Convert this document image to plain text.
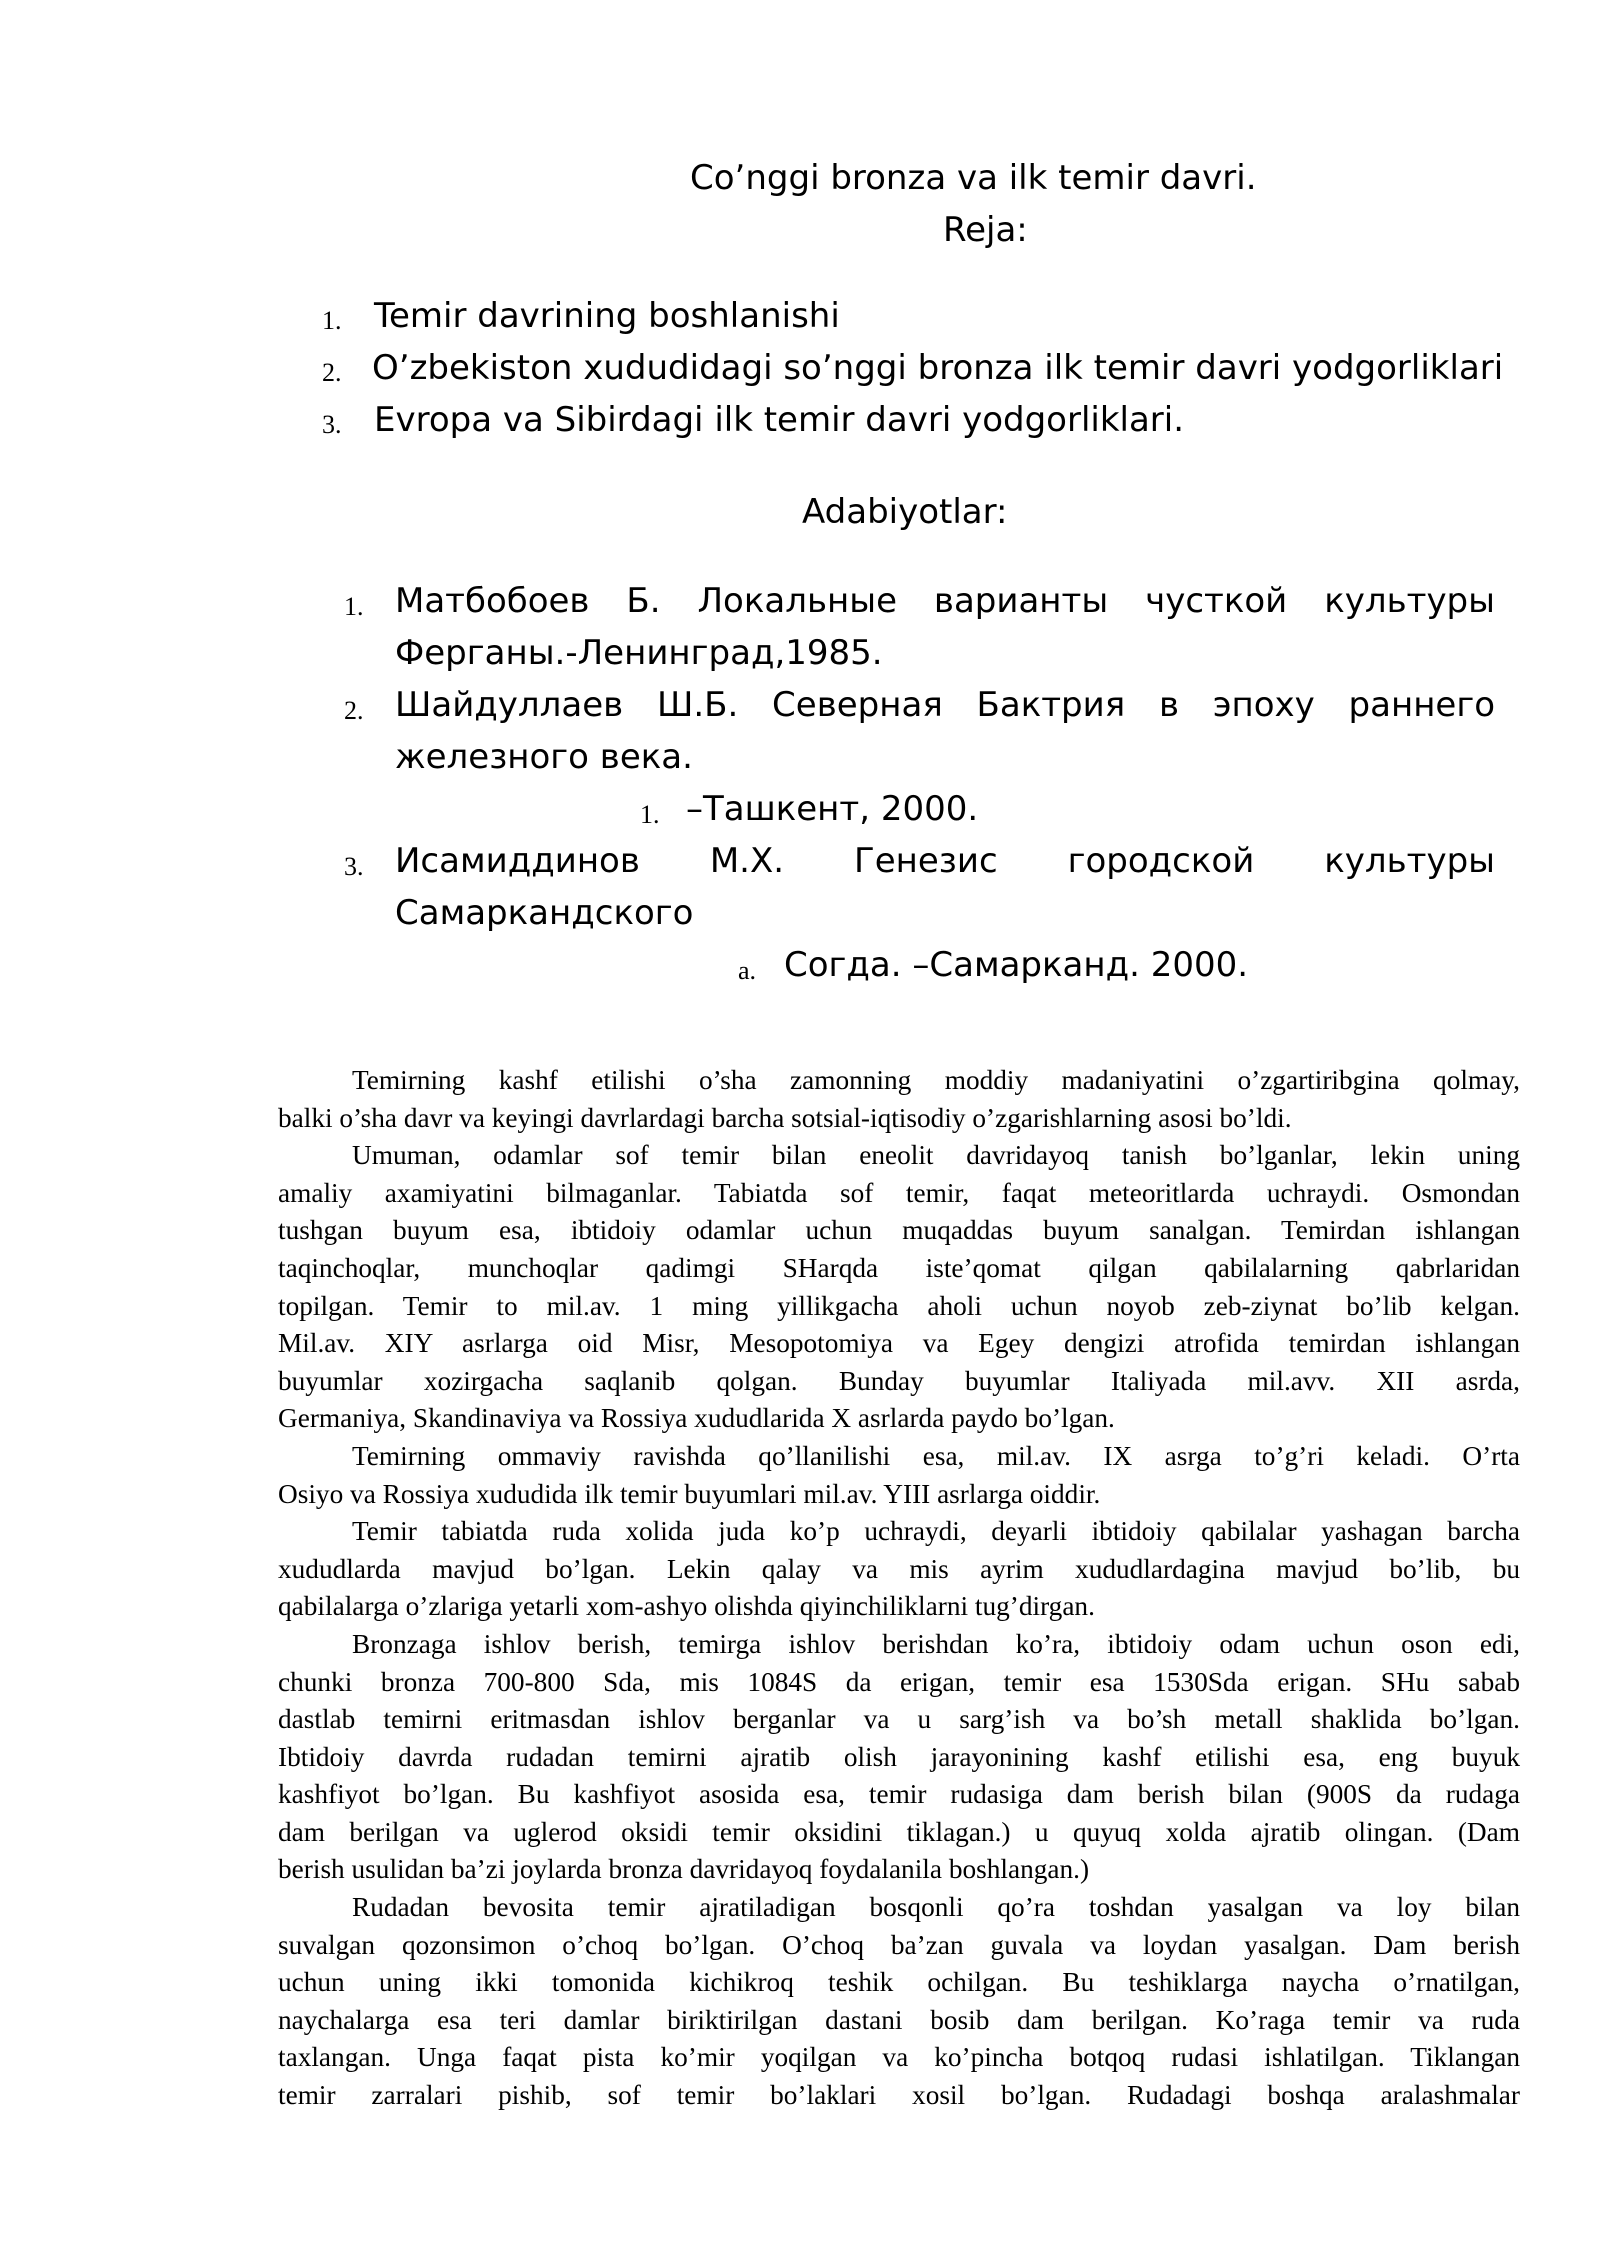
Co’nggi bronza va ilk temir davri.
Reja:
1. Temir davrining boshlanishi
2. O’zbekiston xududidagi so’nggi bronza ilk temir davri yodgorliklari
3. Evropa va Sibirdagi ilk temir davri yodgorliklari.
Adabiyotlar:
1. Матбобоев Б. Локальные варианты чусткой культуры
Ферганы.-Ленинград,1985.
2. Шайдуллаев Ш.Б. Северная Бактрия в эпоху раннего
железного века.
1. –Ташкент, 2000.
3. Исамиддинов М.Х. Генезис городской культуры
Самаркандского
a. Согда. –Самарканд. 2000.

Temirning kashf etilishi o’sha zamonning moddiy madaniyatini o’zgartiribgina qolmay,
balki o’sha davr va keyingi davrlardagi barcha sotsial-iqtisodiy o’zgarishlarning asosi bo’ldi.

Umuman, odamlar sof temir bilan eneolit davridayoq tanish bo’lganlar, lekin uning
amaliy axamiyatini bilmaganlar. Tabiatda sof temir, faqat meteoritlarda uchraydi. Osmondan
tushgan buyum esa, ibtidoiy odamlar uchun muqaddas buyum sanalgan. Temirdan ishlangan
taqinchoqlar, munchoqlar qadimgi SHarqda iste’qomat qilgan qabilalarning qabrlaridan
topilgan. Temir to mil.av. 1 ming yillikgacha aholi uchun noyob zeb-ziynat bo’lib kelgan.
Mil.av. XIY asrlarga oid Misr, Mesopotomiya va Egey dengizi atrofida temirdan ishlangan
buyumlar xozirgacha saqlanib qolgan. Bunday buyumlar Italiyada mil.avv. XII asrda,
Germaniya, Skandinaviya va Rossiya xududlarida X asrlarda paydo bo’lgan.

Temirning ommaviy ravishda qo’llanilishi esa, mil.av. IX asrga to’g’ri keladi. O’rta
Osiyo va Rossiya xududida ilk temir buyumlari mil.av. YIII asrlarga oiddir.

Temir tabiatda ruda xolida juda ko’p uchraydi, deyarli ibtidoiy qabilalar yashagan barcha
xududlarda mavjud bo’lgan. Lekin qalay va mis ayrim xududlardagina mavjud bo’lib, bu
qabilalarga o’zlariga yetarli xom-ashyo olishda qiyinchiliklarni tug’dirgan.

Bronzaga ishlov berish, temirga ishlov berishdan ko’ra, ibtidoiy odam uchun oson edi,
chunki bronza 700-800 Sda, mis 1084S da erigan, temir esa 1530Sda erigan. SHu sabab
dastlab temirni eritmasdan ishlov berganlar va u sarg’ish va bo’sh metall shaklida bo’lgan.
Ibtidoiy davrda rudadan temirni ajratib olish jarayonining kashf etilishi esa, eng buyuk
kashfiyot bo’lgan. Bu kashfiyot asosida esa, temir rudasiga dam berish bilan (900S da rudaga
dam berilgan va uglerod oksidi temir oksidini tiklagan.) u quyuq xolda ajratib olingan. (Dam
berish usulidan ba’zi joylarda bronza davridayoq foydalanila boshlangan.)

Rudadan bevosita temir ajratiladigan bosqonli qo’ra toshdan yasalgan va loy bilan
suvalgan qozonsimon o’choq bo’lgan. O’choq ba’zan guvala va loydan yasalgan. Dam berish
uchun uning ikki tomonida kichikroq teshik ochilgan. Bu teshiklarga naycha o’rnatilgan,
naychalarga esa teri damlar biriktirilgan dastani bosib dam berilgan. Ko’raga temir va ruda
taxlangan. Unga faqat pista ko’mir yoqilgan va ko’pincha botqoq rudasi ishlatilgan. Tiklangan
temir zarralari pishib, sof temir bo’laklari xosil bo’lgan. Rudadagi boshqa aralashmalar
